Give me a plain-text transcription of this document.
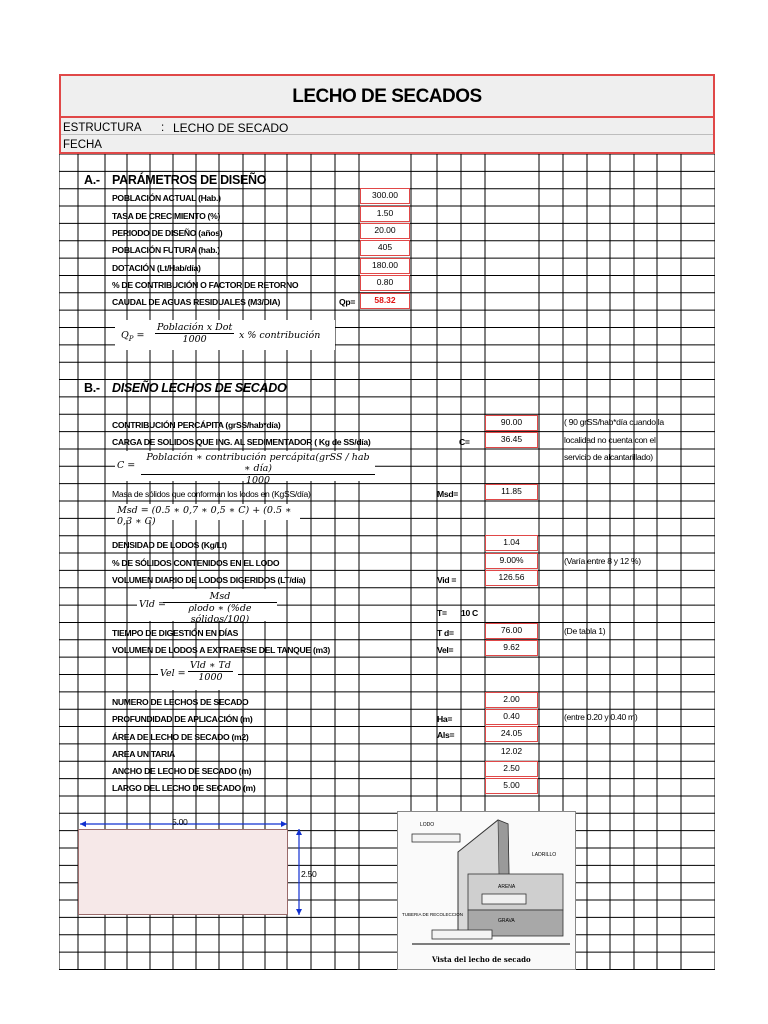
LECHO DE SECADOS
ESTRUCTURA : LECHO DE SECADO
FECHA
A.- PARÁMETROS DE DISEÑO
POBLACIÓN ACTUAL (Hab.)	300.00
TASA DE CRECIMIENTO (%)	1.50
PERIODO DE DISEÑO (años)	20.00
POBLACIÓN FUTURA (hab.)	405
DOTACIÓN (Lt/Hab/día)	180.00
% DE CONTRIBUCIÓN O FACTOR DE RETORNO	0.80
CAUDAL DE AGUAS RESIDUALES (M3/DIA)	Qp=	58.32
$Q_P$ =
Población x Dot
1000	x % contribución
B.- DISEÑO LECHOS DE SECADO
CONTRIBUCIÓN PERCÁPITA (grSS/hab*día)	90.00
CARGA DE SOLIDOS QUE ING. AL SEDIMENTADOR ( Kg de SS/día)	C=	36.45
( 90 grSS/hab*día cuando la
localidad no cuenta con el
servicio de alcantarillado)
C =
Población ∗ contribución percápita(grSS / hab ∗ día)
1000
Masa de sólidos que conforman los lodos en (KgSS/día)	Msd=	11.85
Msd = (0.5 ∗ 0,7 ∗ 0,5 ∗ C) + (0.5 ∗ 0,3 ∗ C)
DENSIDAD DE LODOS (Kg/Lt)	1.04
% DE SÓLIDOS CONTENIDOS EN EL LODO	9.00%	(Varía entre 8 y 12 %)
VOLUMEN DIARIO DE LODOS DIGERIDOS (LT/día)	Vid =	126.56
Vld =
Msd
ρlodo ∗ (%de sólidos/100)
T= 10 C
TIEMPO DE DIGESTIÓN EN DÍAS	T d=	76.00	(De tabla 1)
VOLUMEN DE LODOS A EXTRAERSE DEL TANQUE (m3)	Vel=	9.62
Vel =
Vld ∗ Td
1000
NUMERO DE LECHOS DE SECADO	2.00
PROFUNDIDAD DE APLICACIÓN (m)	Ha=	0.40	(entre 0.20 y 0.40 m)
ÁREA DE LECHO DE SECADO (m2)	Als=	24.05
AREA UNITARIA	12.02
ANCHO DE LECHO DE SECADO (m)	2.50
LARGO DEL LECHO DE SECADO (m)	5.00
5.00
2.50
LODO
LADRILLO
ARENA
GRAVA
TUBERIA DE RECOLECCION
Vista del lecho de secado
